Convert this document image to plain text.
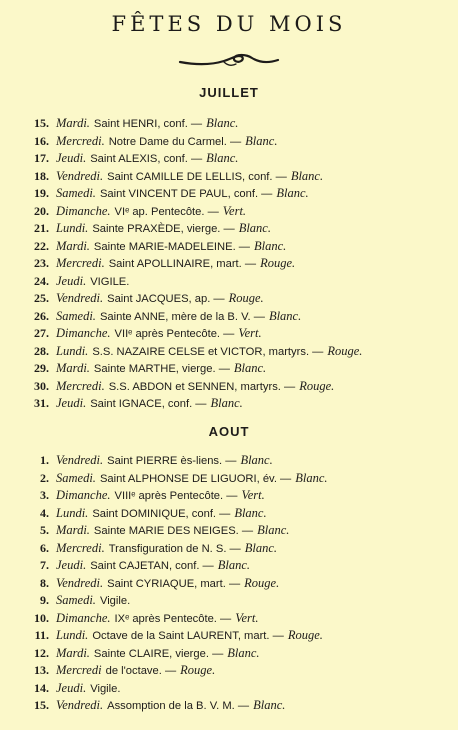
FÊTES DU MOIS
JUILLET
15. Mardi. Saint HENRI, conf. — Blanc.
16. Mercredi. Notre Dame du Carmel. — Blanc.
17. Jeudi. Saint ALEXIS, conf. — Blanc.
18. Vendredi. Saint CAMILLE DE LELLIS, conf. — Blanc.
19. Samedi. Saint VINCENT DE PAUL, conf. — Blanc.
20. Dimanche. VIᵉ ap. Pentecôte. — Vert.
21. Lundi. Sainte PRAXÈDE, vierge. — Blanc.
22. Mardi. Sainte MARIE-MADELEINE. — Blanc.
23. Mercredi. Saint APOLLINAIRE, mart. — Rouge.
24. Jeudi. VIGILE.
25. Vendredi. Saint JACQUES, ap. — Rouge.
26. Samedi. Sainte ANNE, mère de la B. V. — Blanc.
27. Dimanche. VIIᵉ après Pentecôte. — Vert.
28. Lundi. S.S. NAZAIRE CELSE et VICTOR, martyrs. — Rouge.
29. Mardi. Sainte MARTHE, vierge. — Blanc.
30. Mercredi. S.S. ABDON et SENNEN, martyrs. — Rouge.
31. Jeudi. Saint IGNACE, conf. — Blanc.
AOUT
1. Vendredi. Saint PIERRE ès-liens. — Blanc.
2. Samedi. Saint ALPHONSE DE LIGUORI, év. — Blanc.
3. Dimanche. VIIIᵉ après Pentecôte. — Vert.
4. Lundi. Saint DOMINIQUE, conf. — Blanc.
5. Mardi. Sainte MARIE DES NEIGES. — Blanc.
6. Mercredi. Transfiguration de N. S. — Blanc.
7. Jeudi. Saint CAJETAN, conf. — Blanc.
8. Vendredi. Saint CYRIAQUE, mart. — Rouge.
9. Samedi. Vigile.
10. Dimanche. IXᵉ après Pentecôte. — Vert.
11. Lundi. Octave de la Saint LAURENT, mart. — Rouge.
12. Mardi. Sainte CLAIRE, vierge. — Blanc.
13. Mercredi de l'octave. — Rouge.
14. Jeudi. Vigile.
15. Vendredi. Assomption de la B. V. M. — Blanc.
